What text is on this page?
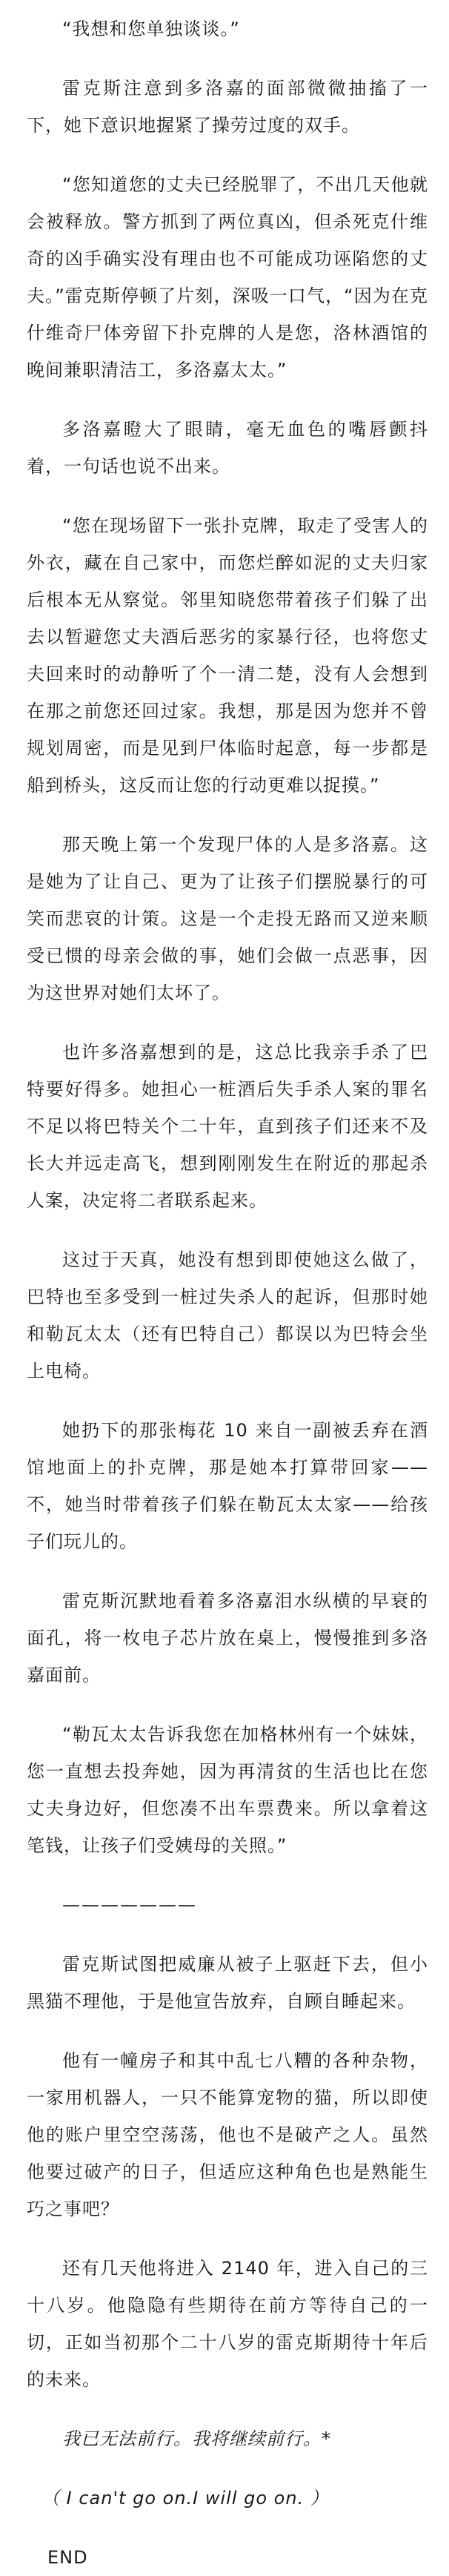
“我想和您单独谈谈。”

雷克斯注意到多洛嘉的面部微微抽搐了一下，她下意识地握紧了操劳过度的双手。

“您知道您的丈夫已经脱罪了，不出几天他就会被释放。警方抓到了两位真凶，但杀死克什维奇的凶手确实没有理由也不可能成功诬陷您的丈夫。”雷克斯停顿了片刻，深吸一口气，“因为在克什维奇尸体旁留下扑克牌的人是您，洛林酒馆的晚间兼职清洁工，多洛嘉太太。”

多洛嘉瞪大了眼睛，毫无血色的嘴唇颤抖着，一句话也说不出来。

“您在现场留下一张扑克牌，取走了受害人的外衣，藏在自己家中，而您烂醉如泥的丈夫归家后根本无从察觉。邻里知晓您带着孩子们躲了出去以暂避您丈夫酒后恶劣的家暴行径，也将您丈夫回来时的动静听了个一清二楚，没有人会想到在那之前您还回过家。我想，那是因为您并不曾规划周密，而是见到尸体临时起意，每一步都是船到桥头，这反而让您的行动更难以捉摸。”

那天晚上第一个发现尸体的人是多洛嘉。这是她为了让自己、更为了让孩子们摆脱暴行的可笑而悲哀的计策。这是一个走投无路而又逆来顺受已惯的母亲会做的事，她们会做一点恶事，因为这世界对她们太坏了。

也许多洛嘉想到的是，这总比我亲手杀了巴特要好得多。她担心一桩酒后失手杀人案的罪名不足以将巴特关个二十年，直到孩子们还来不及长大并远走高飞，想到刚刚发生在附近的那起杀人案，决定将二者联系起来。

这过于天真，她没有想到即使她这么做了，巴特也至多受到一桩过失杀人的起诉，但那时她和勒瓦太太（还有巴特自己）都误以为巴特会坐上电椅。

她扔下的那张梅花 10 来自一副被丢弃在酒馆地面上的扑克牌，那是她本打算带回家——不，她当时带着孩子们躲在勒瓦太太家——给孩子们玩儿的。

雷克斯沉默地看着多洛嘉泪水纵横的早衰的面孔，将一枚电子芯片放在桌上，慢慢推到多洛嘉面前。

“勒瓦太太告诉我您在加格林州有一个妹妹，您一直想去投奔她，因为再清贫的生活也比在您丈夫身边好，但您凑不出车票费来。所以拿着这笔钱，让孩子们受姨母的关照。”

———————

雷克斯试图把威廉从被子上驱赶下去，但小黑猫不理他，于是他宣告放弃，自顾自睡起来。

他有一幢房子和其中乱七八糟的各种杂物，一家用机器人，一只不能算宠物的猫，所以即使他的账户里空空荡荡，他也不是破产之人。虽然他要过破产的日子，但适应这种角色也是熟能生巧之事吧？

还有几天他将进入 2140 年，进入自己的三十八岁。他隐隐有些期待在前方等待自己的一切，正如当初那个二十八岁的雷克斯期待十年后的未来。

我已无法前行。我将继续前行。*

（ I can't go on.I will go on. ）

END
